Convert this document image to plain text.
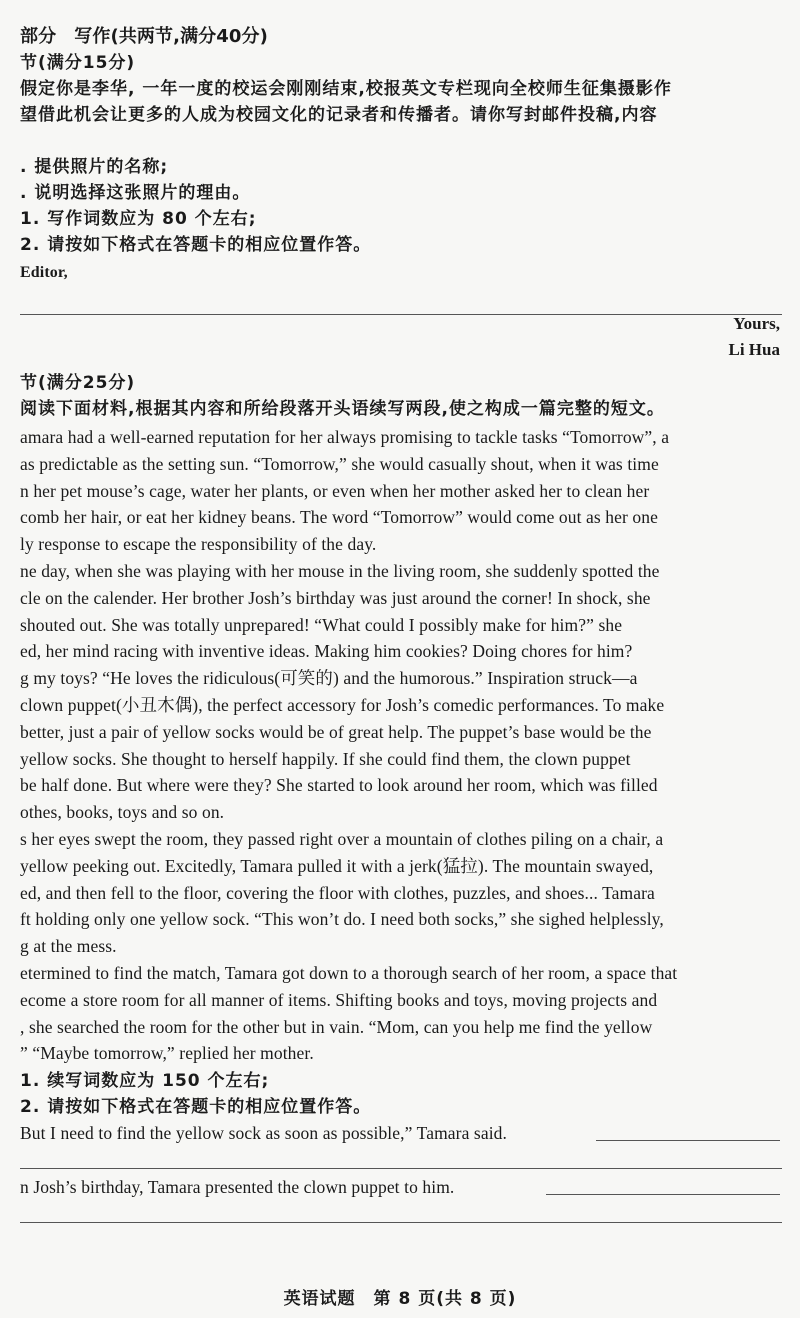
部分　写作(共两节,满分40分)
节(满分15分)
假定你是李华, 一年一度的校运会刚刚结束,校报英文专栏现向全校师生征集摄影作
望借此机会让更多的人成为校园文化的记录者和传播者。请你写封邮件投稿,内容
. 提供照片的名称;
. 说明选择这张照片的理由。
1. 写作词数应为 80 个左右;
2. 请按如下格式在答题卡的相应位置作答。
Editor,
Yours,
Li Hua
节(满分25分)
阅读下面材料,根据其内容和所给段落开头语续写两段,使之构成一篇完整的短文。
amara had a well-earned reputation for her always promising to tackle tasks “Tomorrow”, a
as predictable as the setting sun. “Tomorrow,” she would casually shout, when it was time
n her pet mouse’s cage, water her plants, or even when her mother asked her to clean her
comb her hair, or eat her kidney beans. The word “Tomorrow” would come out as her one
ly response to escape the responsibility of the day.
ne day, when she was playing with her mouse in the living room, she suddenly spotted the
cle on the calender. Her brother Josh’s birthday was just around the corner! In shock, she
shouted out. She was totally unprepared! “What could I possibly make for him?” she
ed, her mind racing with inventive ideas. Making him cookies? Doing chores for him?
g my toys? “He loves the ridiculous(可笑的) and the humorous.” Inspiration struck—a
clown puppet(小丑木偶), the perfect accessory for Josh’s comedic performances. To make
better, just a pair of yellow socks would be of great help. The puppet’s base would be the
yellow socks. She thought to herself happily. If she could find them, the clown puppet
be half done. But where were they? She started to look around her room, which was filled
othes, books, toys and so on.
s her eyes swept the room, they passed right over a mountain of clothes piling on a chair, a
yellow peeking out. Excitedly, Tamara pulled it with a jerk(猛拉). The mountain swayed,
ed, and then fell to the floor, covering the floor with clothes, puzzles, and shoes... Tamara
ft holding only one yellow sock. “This won’t do. I need both socks,” she sighed helplessly,
g at the mess.
etermined to find the match, Tamara got down to a thorough search of her room, a space that
ecome a store room for all manner of items. Shifting books and toys, moving projects and
, she searched the room for the other but in vain. “Mom, can you help me find the yellow
” “Maybe tomorrow,” replied her mother.
1. 续写词数应为 150 个左右;
2. 请按如下格式在答题卡的相应位置作答。
But I need to find the yellow sock as soon as possible,” Tamara said.
n Josh’s birthday, Tamara presented the clown puppet to him.
英语试题　第 8 页(共 8 页)
